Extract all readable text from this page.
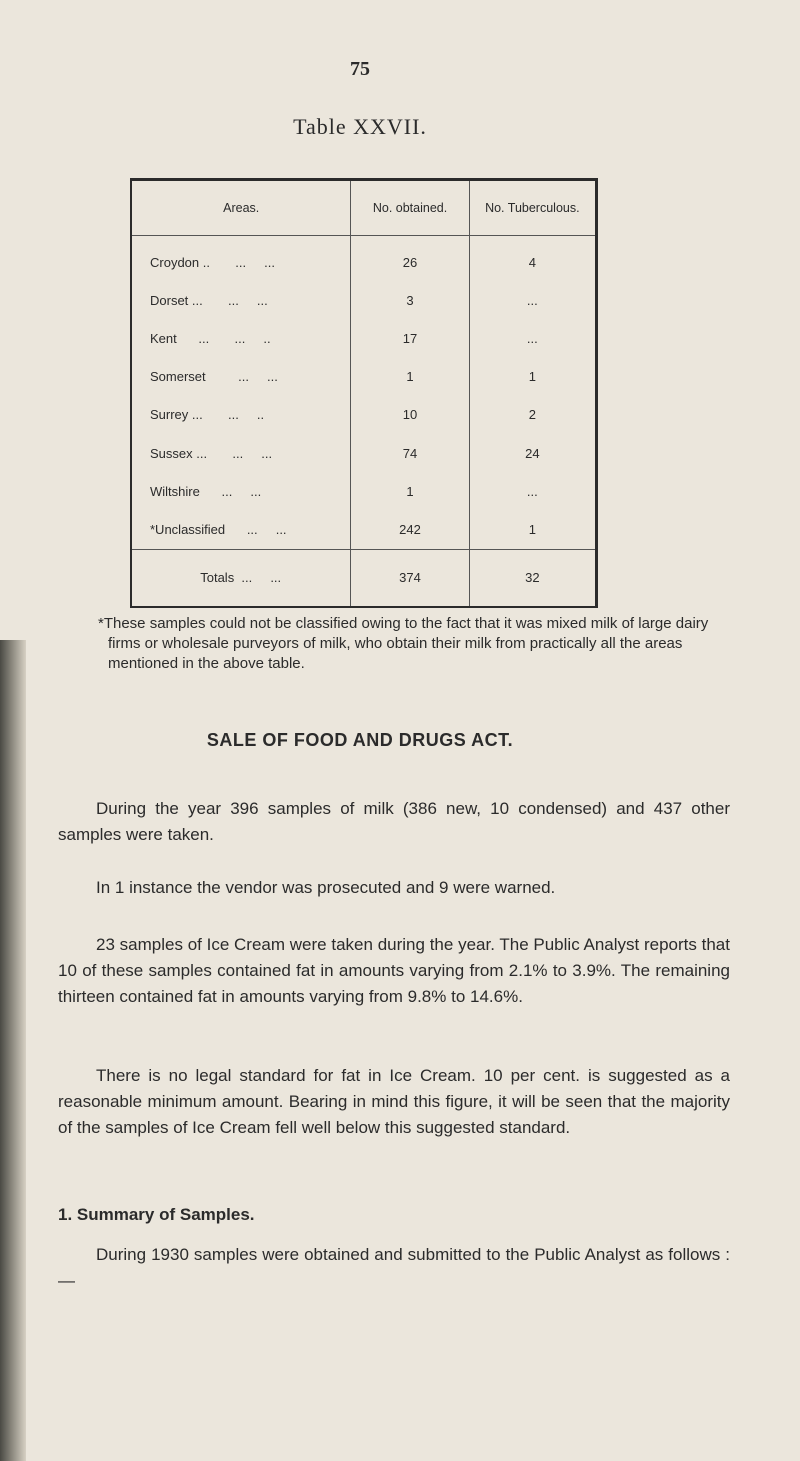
75
Table XXVII.
Areas.	No. obtained.	No. Tuberculous.
Croydon ..       ...     ...	26	4
Dorset ...       ...     ...	3	...
Kent      ...       ...     ..	17	...
Somerset         ...     ...	1	1
Surrey ...       ...     ..	10	2
Sussex ...       ...     ...	74	24
Wiltshire      ...     ...	1	...
*Unclassified      ...     ...	242	1
Totals  ...     ...	374	32
*These samples could not be classified owing to the fact that it was mixed milk of large dairy firms or wholesale purveyors of milk, who obtain their milk from practically all the areas mentioned in the above table.
SALE OF FOOD AND DRUGS ACT.
During the year 396 samples of milk (386 new, 10 condensed) and 437 other samples were taken.
In 1 instance the vendor was prosecuted and 9 were warned.
23 samples of Ice Cream were taken during the year. The Public Analyst reports that 10 of these samples contained fat in amounts varying from 2.1% to 3.9%. The remaining thirteen contained fat in amounts varying from 9.8% to 14.6%.
There is no legal standard for fat in Ice Cream. 10 per cent. is suggested as a reasonable minimum amount. Bearing in mind this figure, it will be seen that the majority of the samples of Ice Cream fell well below this suggested standard.
1. Summary of Samples.
During 1930 samples were obtained and submitted to the Public Analyst as follows :—
